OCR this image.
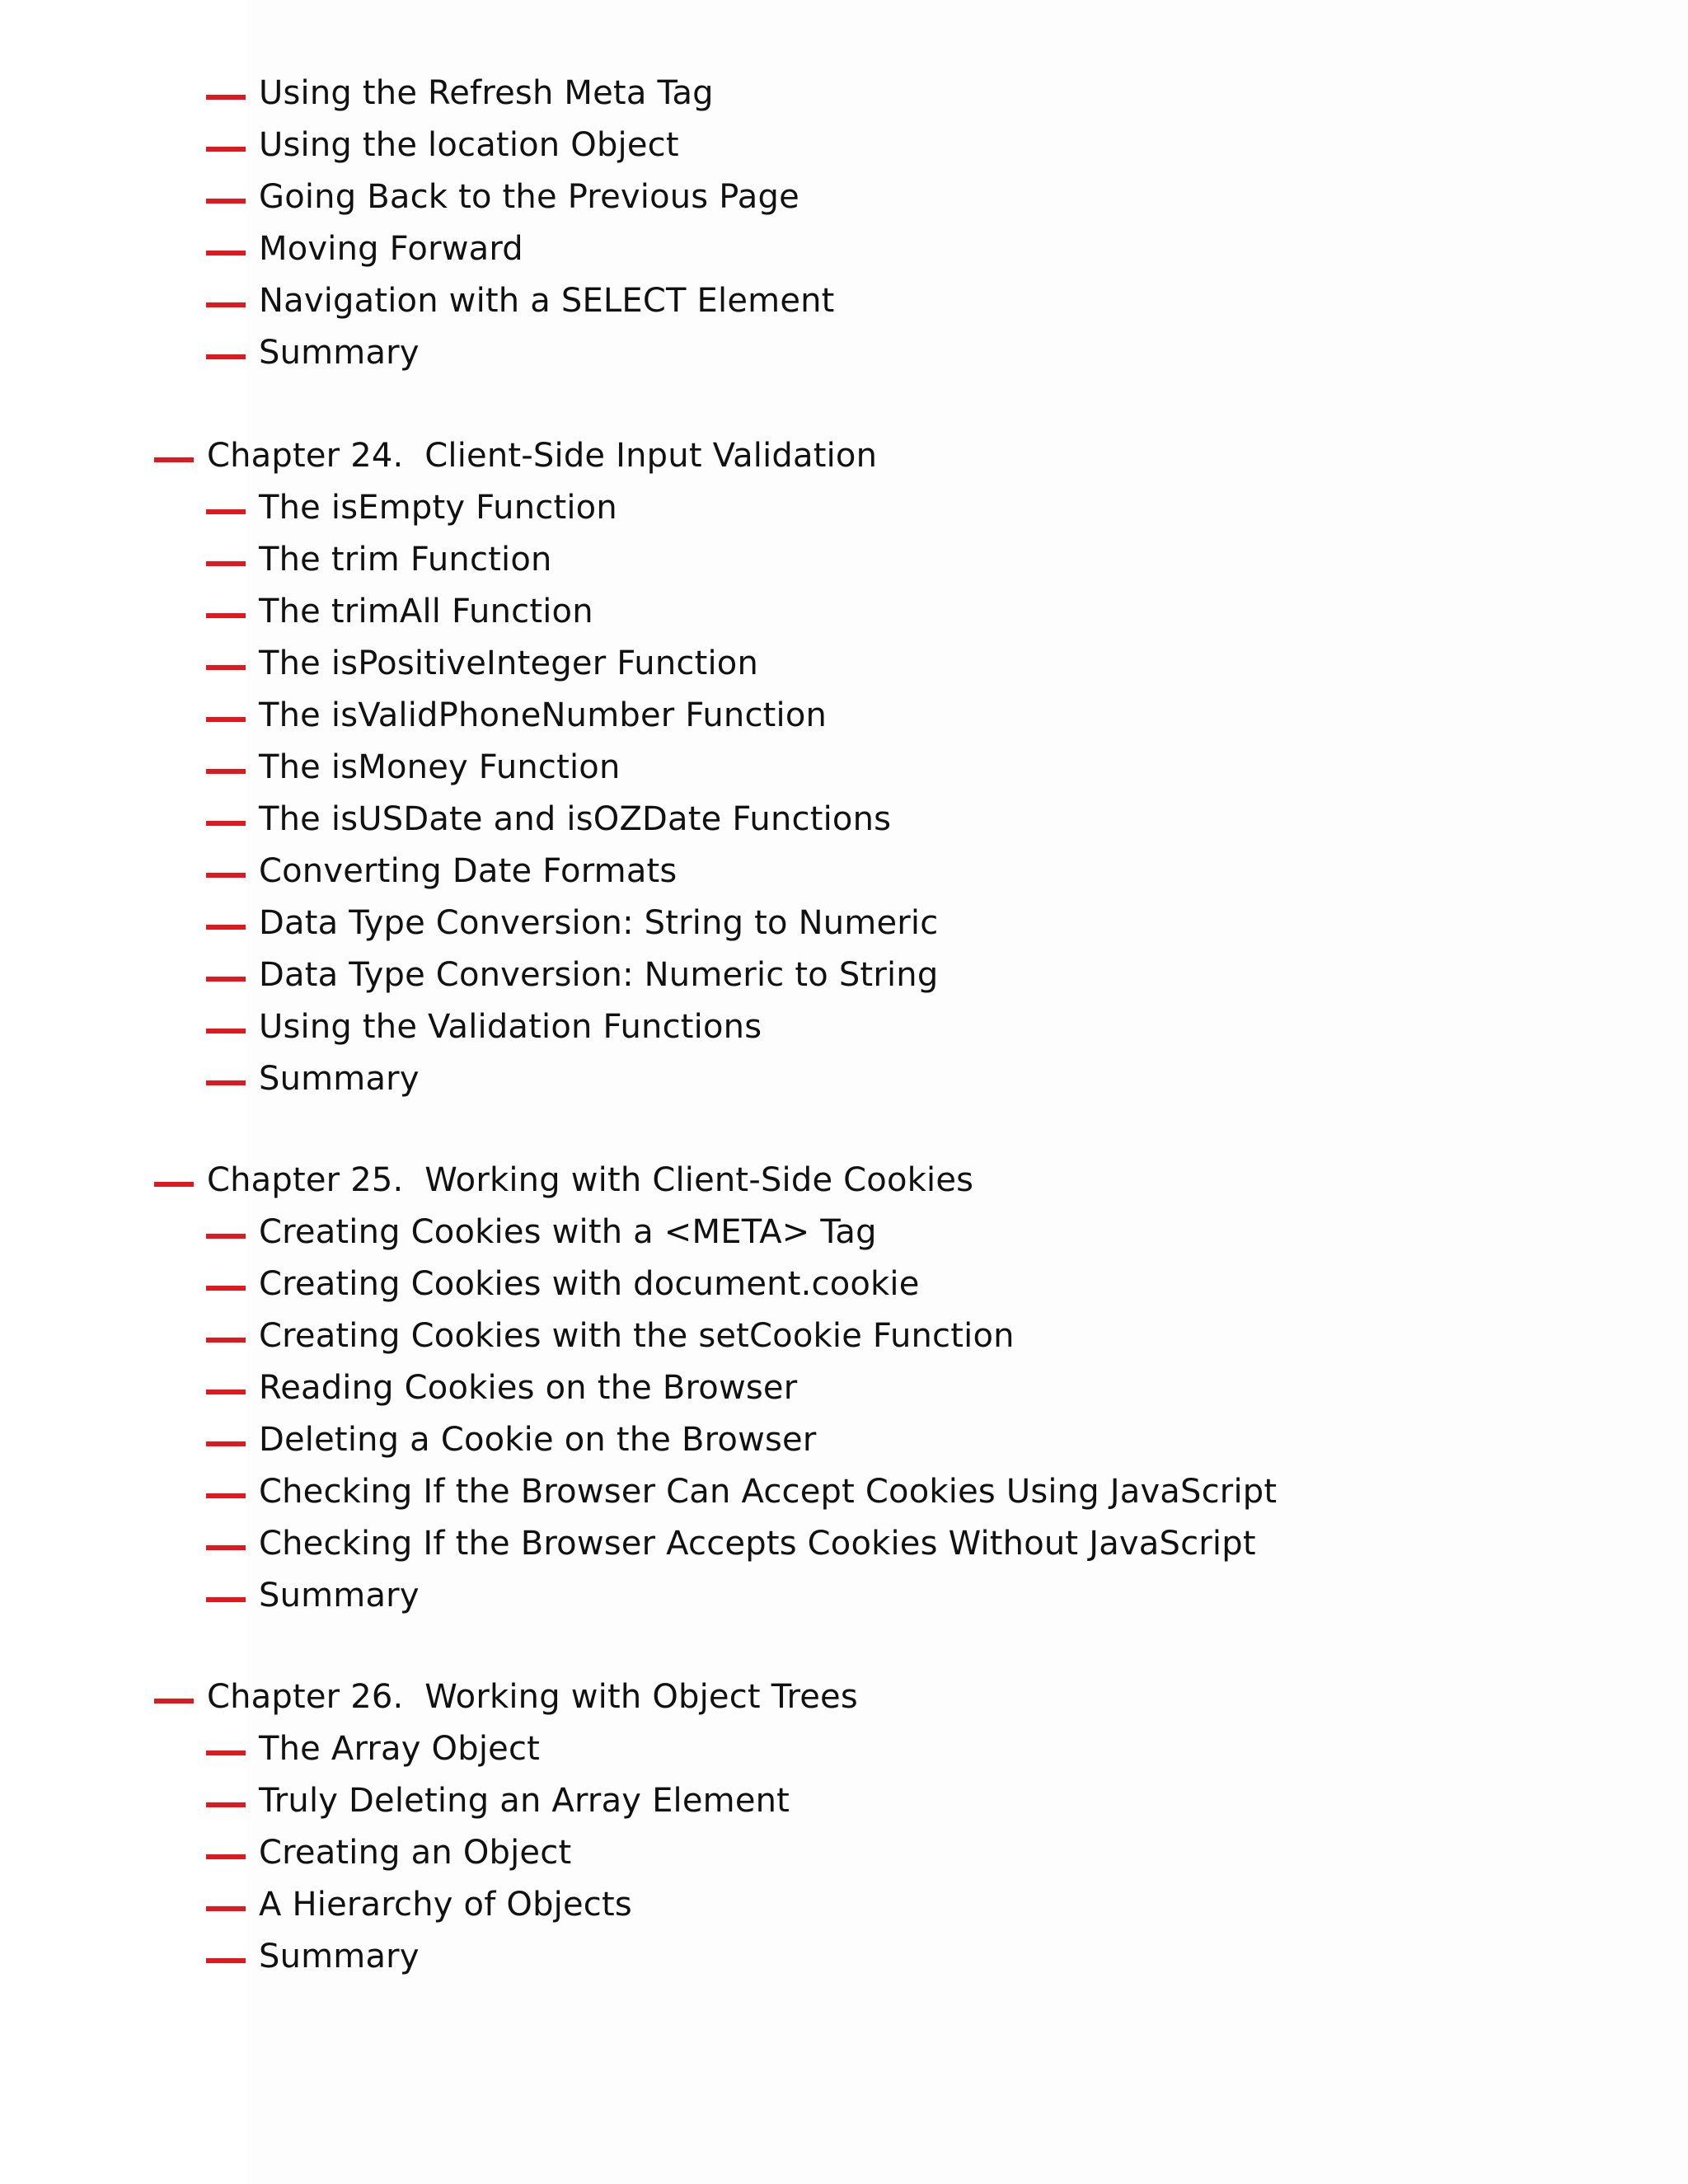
Using the Refresh Meta Tag
Using the location Object
Going Back to the Previous Page
Moving Forward
Navigation with a SELECT Element
Summary
Chapter 24.  Client-Side Input Validation
The isEmpty Function
The trim Function
The trimAll Function
The isPositiveInteger Function
The isValidPhoneNumber Function
The isMoney Function
The isUSDate and isOZDate Functions
Converting Date Formats
Data Type Conversion: String to Numeric
Data Type Conversion: Numeric to String
Using the Validation Functions
Summary
Chapter 25.  Working with Client-Side Cookies
Creating Cookies with a <META> Tag
Creating Cookies with document.cookie
Creating Cookies with the setCookie Function
Reading Cookies on the Browser
Deleting a Cookie on the Browser
Checking If the Browser Can Accept Cookies Using JavaScript
Checking If the Browser Accepts Cookies Without JavaScript
Summary
Chapter 26.  Working with Object Trees
The Array Object
Truly Deleting an Array Element
Creating an Object
A Hierarchy of Objects
Summary
